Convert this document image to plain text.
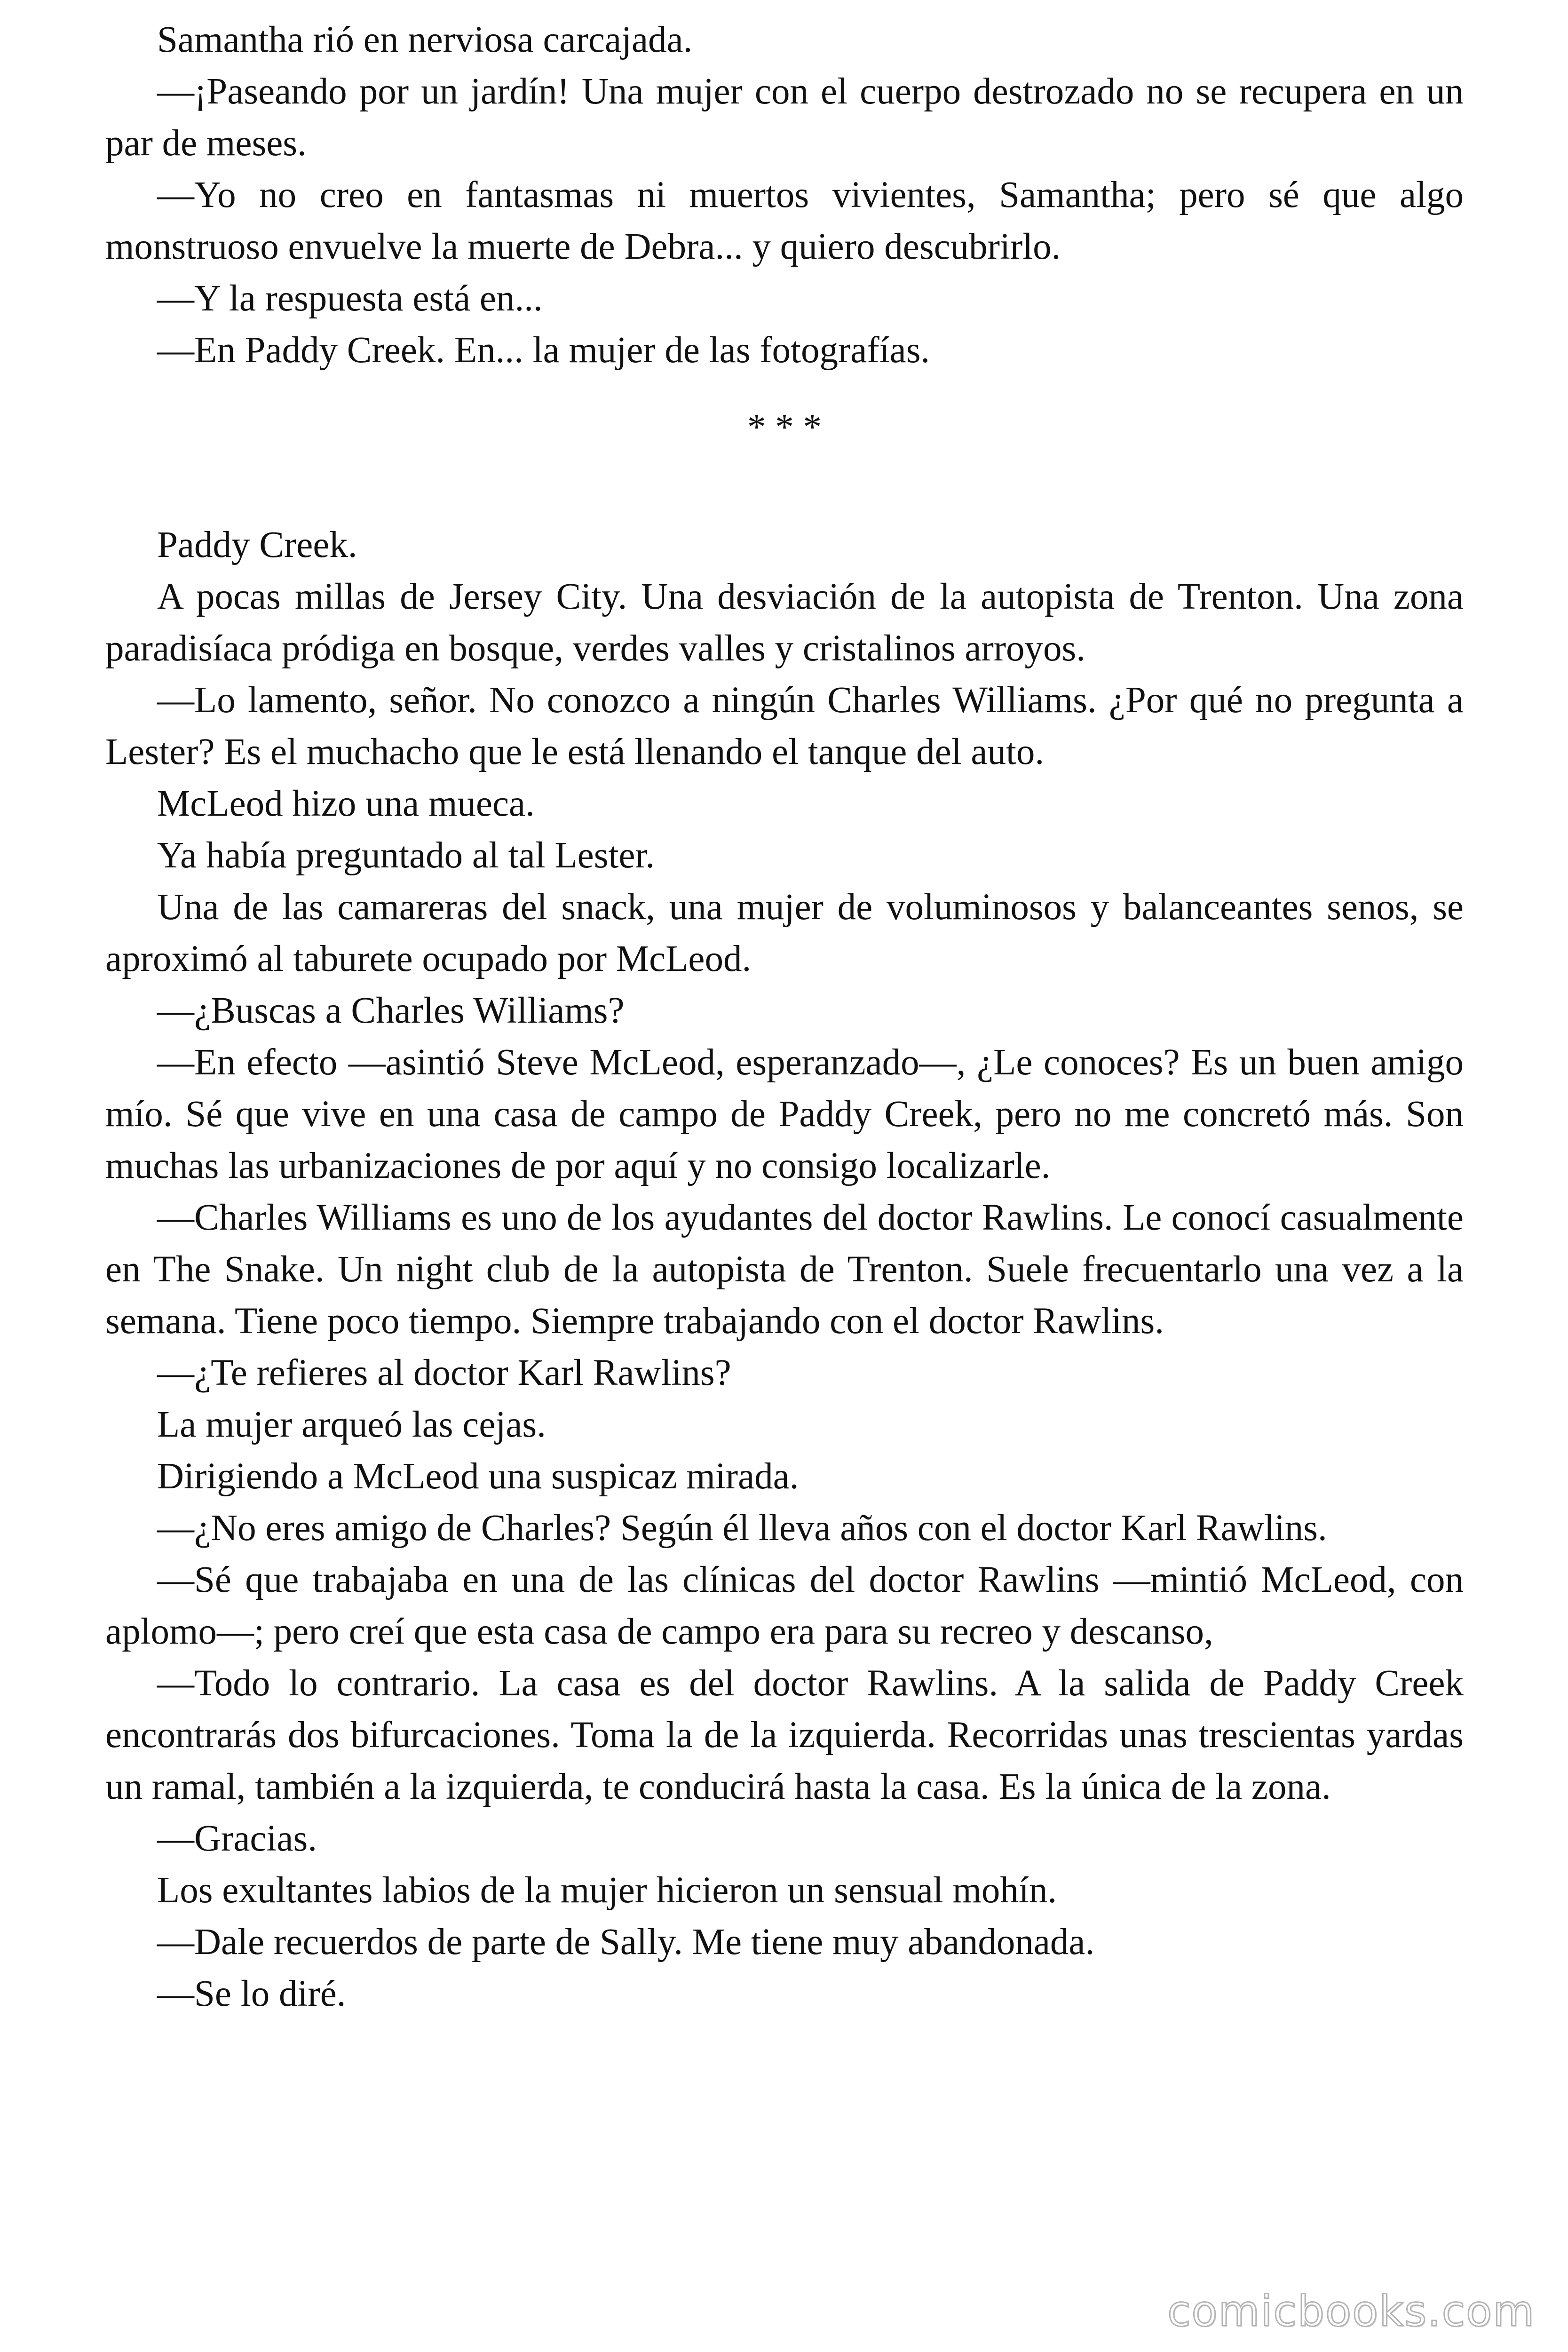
Samantha rió en nerviosa carcajada.

—¡Paseando por un jardín! Una mujer con el cuerpo destrozado no se recupera en un par de meses.

—Yo no creo en fantasmas ni muertos vivientes, Samantha; pero sé que algo monstruoso envuelve la muerte de Debra... y quiero descubrirlo.

—Y la respuesta está en...

—En Paddy Creek. En... la mujer de las fotografías.

* * *

Paddy Creek.

A pocas millas de Jersey City. Una desviación de la autopista de Trenton. Una zona paradisíaca pródiga en bosque, verdes valles y cristalinos arroyos.

—Lo lamento, señor. No conozco a ningún Charles Williams. ¿Por qué no pregunta a Lester? Es el muchacho que le está llenando el tanque del auto.

McLeod hizo una mueca.

Ya había preguntado al tal Lester.

Una de las camareras del snack, una mujer de voluminosos y balanceantes senos, se aproximó al taburete ocupado por McLeod.

—¿Buscas a Charles Williams?

—En efecto —asintió Steve McLeod, esperanzado—, ¿Le conoces? Es un buen amigo mío. Sé que vive en una casa de campo de Paddy Creek, pero no me concretó más. Son muchas las urbanizaciones de por aquí y no consigo localizarle.

—Charles Williams es uno de los ayudantes del doctor Rawlins. Le conocí casualmente en The Snake. Un night club de la autopista de Trenton. Suele frecuentarlo una vez a la semana. Tiene poco tiempo. Siempre trabajando con el doctor Rawlins.

—¿Te refieres al doctor Karl Rawlins?

La mujer arqueó las cejas.

Dirigiendo a McLeod una suspicaz mirada.

—¿No eres amigo de Charles? Según él lleva años con el doctor Karl Rawlins.

—Sé que trabajaba en una de las clínicas del doctor Rawlins —mintió McLeod, con aplomo—; pero creí que esta casa de campo era para su recreo y descanso,

—Todo lo contrario. La casa es del doctor Rawlins. A la salida de Paddy Creek encontrarás dos bifurcaciones. Toma la de la izquierda. Recorridas unas trescientas yardas un ramal, también a la izquierda, te conducirá hasta la casa. Es la única de la zona.

—Gracias.

Los exultantes labios de la mujer hicieron un sensual mohín.

—Dale recuerdos de parte de Sally. Me tiene muy abandonada.

—Se lo diré.

comicbooks.com
